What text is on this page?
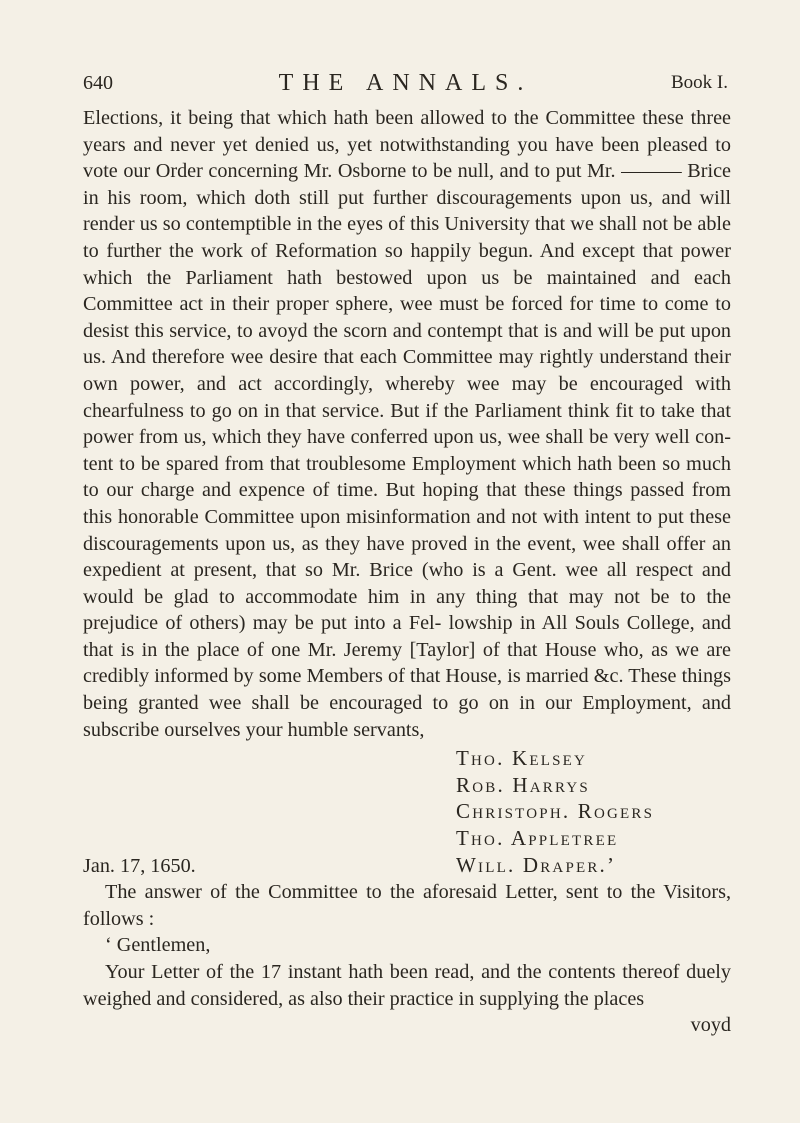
640	THE ANNALS.	Book I.

Elections, it being that which hath been allowed to the Committee these three years and never yet denied us, yet notwithstanding you have been pleased to vote our Order concerning Mr. Osborne to be null, and to put Mr. ——— Brice in his room, which doth still put further discouragements upon us, and will render us so contemptible in the eyes of this University that we shall not be able to further the work of Reformation so happily begun. And except that power which the Parliament hath bestowed upon us be maintained and each Committee act in their proper sphere, wee must be forced for time to come to desist this service, to avoyd the scorn and contempt that is and will be put upon us. And therefore wee desire that each Committee may rightly understand their own power, and act accordingly, whereby wee may be encouraged with chearfulness to go on in that service. But if the Parliament think fit to take that power from us, which they have conferred upon us, wee shall be very well con- tent to be spared from that troublesome Employment which hath been so much to our charge and expence of time. But hoping that these things passed from this honorable Committee upon misinformation and not with intent to put these discouragements upon us, as they have proved in the event, wee shall offer an expedient at present, that so Mr. Brice (who is a Gent. wee all respect and would be glad to accommodate him in any thing that may not be to the prejudice of others) may be put into a Fel- lowship in All Souls College, and that is in the place of one Mr. Jeremy [Taylor] of that House who, as we are credibly informed by some Members of that House, is married &c. These things being granted wee shall be encouraged to go on in our Employment, and subscribe ourselves your humble servants,

Tho. Kelsey
Rob. Harrys
Christoph. Rogers
Tho. Appletree
Will. Draper.’
Jan. 17, 1650.

The answer of the Committee to the aforesaid Letter, sent to the Visitors, follows :

‘ Gentlemen,

Your Letter of the 17 instant hath been read, and the contents thereof duely weighed and considered, as also their practice in supplying the places

voyd
